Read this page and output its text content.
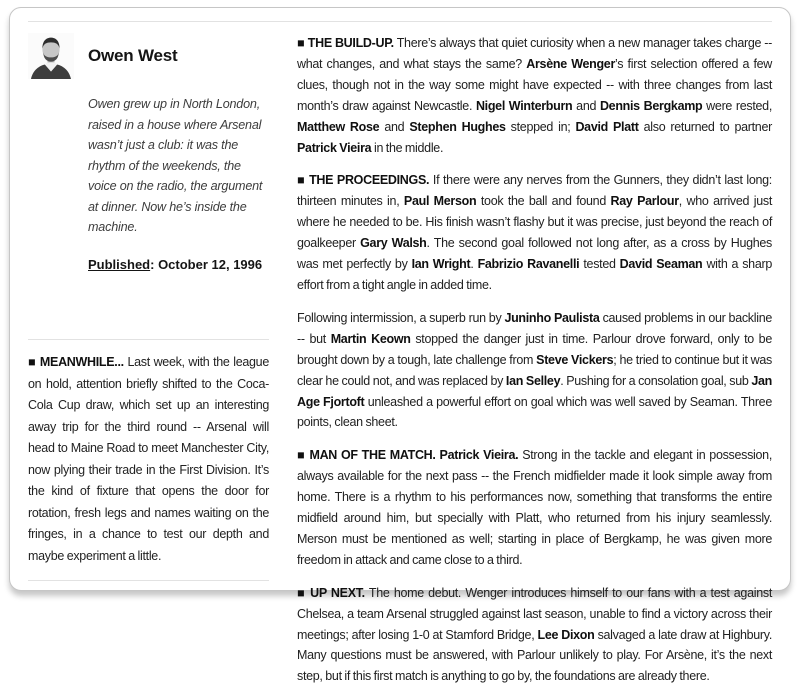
Owen West

Owen grew up in North London, raised in a house where Arsenal wasn’t just a club: it was the rhythm of the weekends, the voice on the radio, the argument at dinner. Now he’s inside the machine.

Published: October 12, 1996

■ MEANWHILE... Last week, with the league on hold, attention briefly shifted to the Coca-Cola Cup draw, which set up an interesting away trip for the third round -- Arsenal will head to Maine Road to meet Manchester City, now plying their trade in the First Division. It’s the kind of fixture that opens the door for rotation, fresh legs and names waiting on the fringes, in a chance to test our depth and maybe experiment a little.

■ THE BUILD-UP. There’s always that quiet curiosity when a new manager takes charge -- what changes, and what stays the same? Arsène Wenger’s first selection offered a few clues, though not in the way some might have expected -- with three changes from last month’s draw against Newcastle. Nigel Winterburn and Dennis Bergkamp were rested, Matthew Rose and Stephen Hughes stepped in; David Platt also returned to partner Patrick Vieira in the middle.

■ THE PROCEEDINGS. If there were any nerves from the Gunners, they didn’t last long: thirteen minutes in, Paul Merson took the ball and found Ray Parlour, who arrived just where he needed to be. His finish wasn’t flashy but it was precise, just beyond the reach of goalkeeper Gary Walsh. The second goal followed not long after, as a cross by Hughes was met perfectly by Ian Wright. Fabrizio Ravanelli tested David Seaman with a sharp effort from a tight angle in added time.

Following intermission, a superb run by Juninho Paulista caused problems in our backline -- but Martin Keown stopped the danger just in time. Parlour drove forward, only to be brought down by a tough, late challenge from Steve Vickers; he tried to continue but it was clear he could not, and was replaced by Ian Selley. Pushing for a consolation goal, sub Jan Age Fjortoft unleashed a powerful effort on goal which was well saved by Seaman. Three points, clean sheet.

■ MAN OF THE MATCH. Patrick Vieira. Strong in the tackle and elegant in possession, always available for the next pass -- the French midfielder made it look simple away from home. There is a rhythm to his performances now, something that transforms the entire midfield around him, but specially with Platt, who returned from his injury seamlessly. Merson must be mentioned as well; starting in place of Bergkamp, he was given more freedom in attack and came close to a third.

■ UP NEXT. The home debut. Wenger introduces himself to our fans with a test against Chelsea, a team Arsenal struggled against last season, unable to find a victory across their meetings; after losing 1-0 at Stamford Bridge, Lee Dixon salvaged a late draw at Highbury. Many questions must be answered, with Parlour unlikely to play. For Arsène, it’s the next step, but if this first match is anything to go by, the foundations are already there.
